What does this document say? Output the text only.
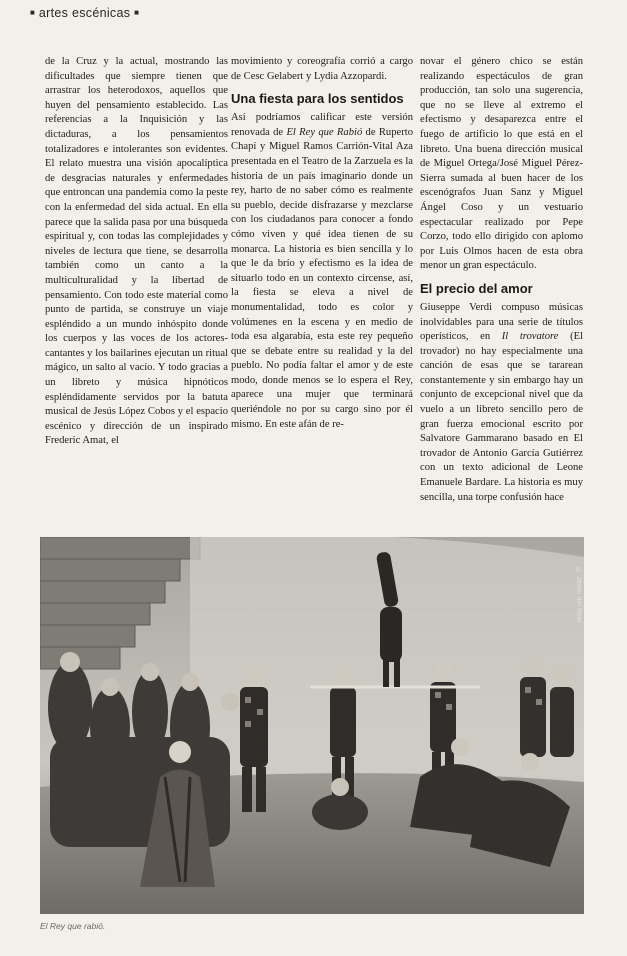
■ artes escénicas ■

de la Cruz y la actual, mostrando las dificultades que siempre tienen que arrastrar los heterodoxos, aquellos que huyen del pensamiento establecido. Las referencias a la Inquisición y las dictaduras, a los pensamientos totalizadores e intolerantes son evidentes. El relato muestra una visión apocalíptica de desgracias naturales y enfermedades que entroncan una pandemia como la peste con la enfermedad del sida actual. En ella parece que la salida pasa por una búsqueda espiritual y, con todas las complejidades y niveles de lectura que tiene, se desarrolla también como un canto a la multiculturalidad y la libertad de pensamiento. Con todo este material como punto de partida, se construye un viaje espléndido a un mundo inhóspito donde los cuerpos y las voces de los actores-cantantes y los bailarines ejecutan un ritual mágico, un salto al vacío. Y todo gracias a un libreto y música hipnóticos espléndidamente servidos por la batuta musical de Jesús López Cobos y el espacio escénico y dirección de un inspirado Frederic Amat, el

movimiento y coreografía corrió a cargo de Cesc Gelabert y Lydia Azzopardi.

Una fiesta para los sentidos

Así podríamos calificar este versión renovada de El Rey que Rabió de Ruperto Chapí y Miguel Ramos Carrión-Vital Aza presentada en el Teatro de la Zarzuela es la historia de un país imaginario donde un rey, harto de no saber cómo es realmente su pueblo, decide disfrazarse y mezclarse con los ciudadanos para conocer a fondo cómo viven y qué idea tienen de su monarca. La historia es bien sencilla y lo que le da brío y efectismo es la idea de situarlo todo en un contexto circense, así, la fiesta se eleva a nivel de monumentalidad, todo es color y volúmenes en la escena y en medio de toda esa algarabía, esta este rey pequeño que se debate entre su realidad y la del pueblo. No podía faltar el amor y de este modo, donde menos se lo espera el Rey, aparece una mujer que terminará queriéndole no por su cargo sino por él mismo. En este afán de re-

novar el género chico se están realizando espectáculos de gran producción, tan solo una sugerencia, que no se lleve al extremo el efectismo y desaparezca entre el fuego de artificio lo que está en el libreto. Una buena dirección musical de Miguel Ortega/José Miguel Pérez-Sierra sumada al buen hacer de los escenógrafos Juan Sanz y Miguel Ángel Coso y un vestuario espectacular realizado por Pepe Corzo, todo ello dirigido con aplomo por Luis Olmos hacen de esta obra menor un gran espectáculo.

El precio del amor

Giuseppe Verdi compuso músicas inolvidables para una serie de títulos operísticos, en Il trovatore (El trovador) no hay especialmente una canción de esas que se tararean constantemente y sin embargo hay un conjunto de excepcional nivel que da vuelo a un libreto sencillo pero de gran fuerza emocional escrito por Salvatore Gammarano basado en El trovador de Antonio García Gutiérrez con un texto adicional de Leone Emanuele Bardare. La historia es muy sencilla, una torpe confusión hace

© Javier del Real
El Rey que rabió.
